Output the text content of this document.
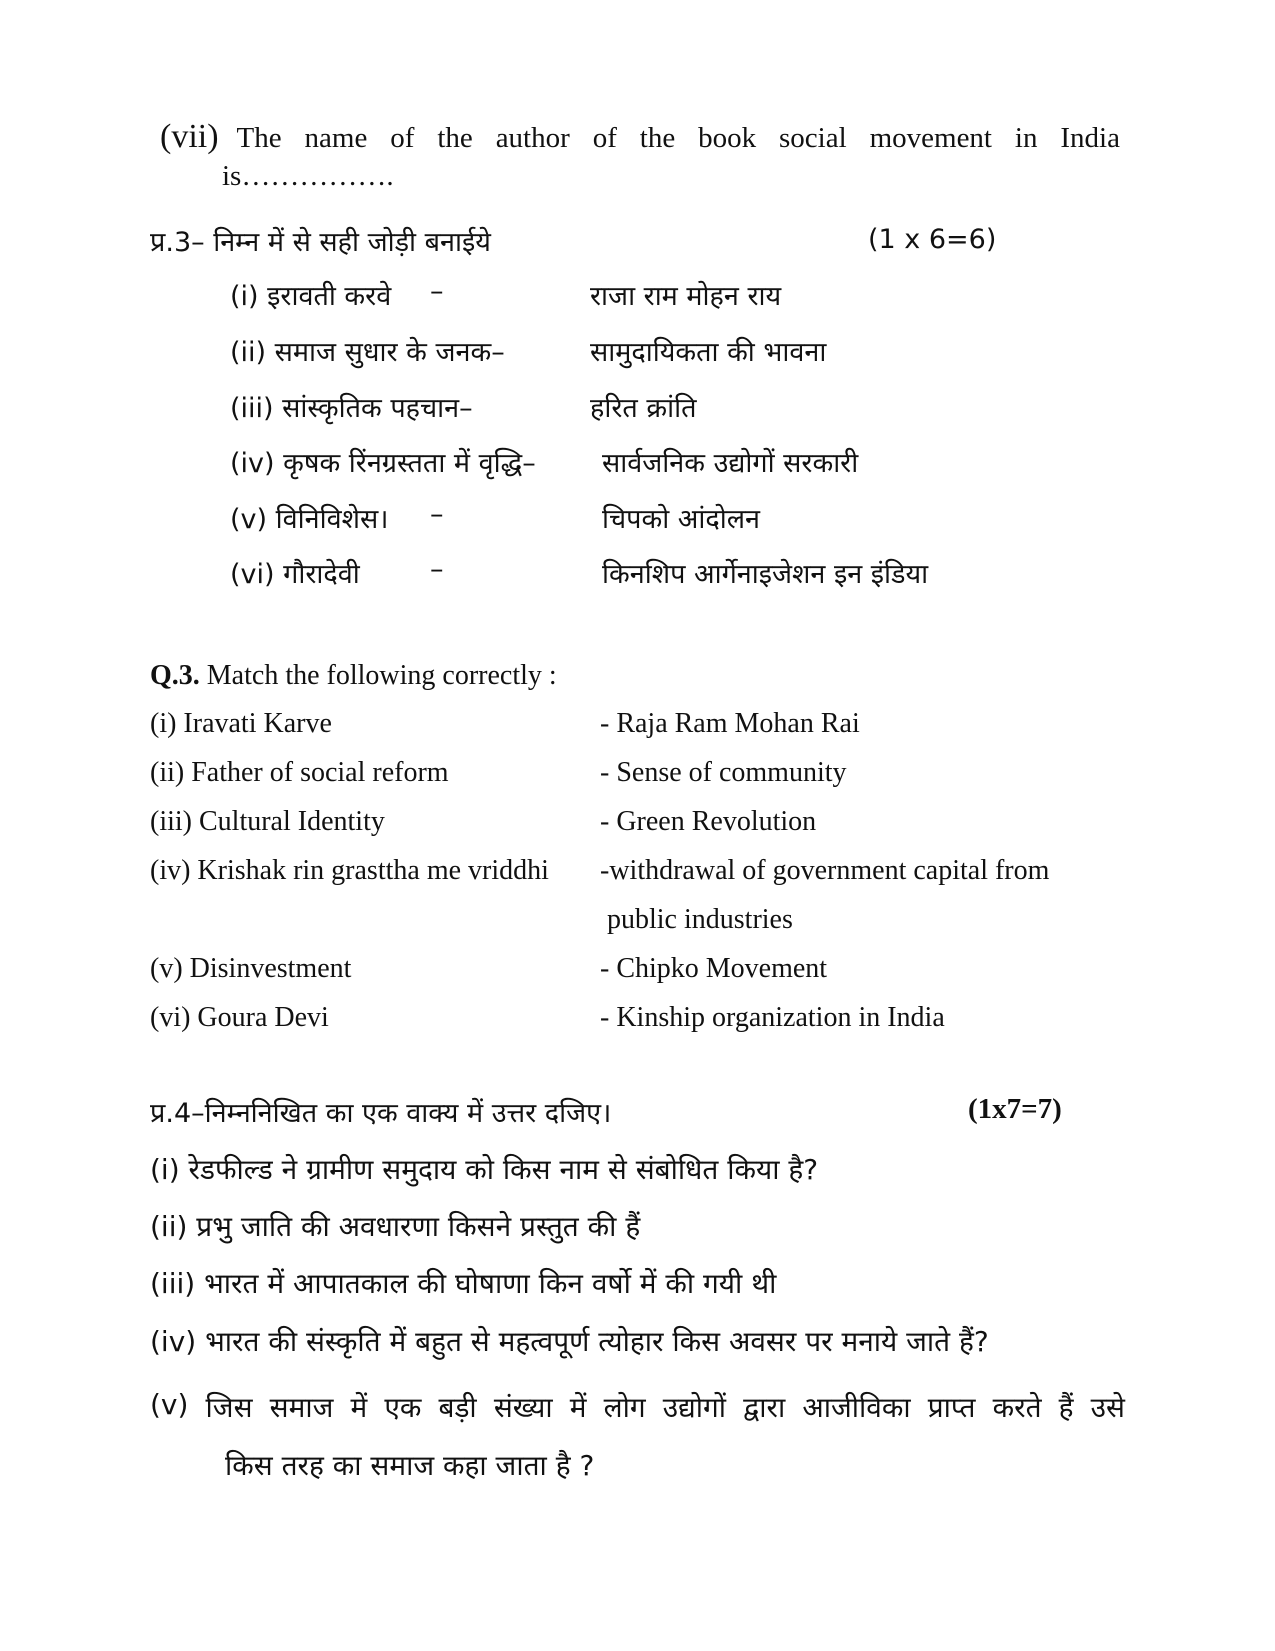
(vii) The name of the author of the book social movement in India
is…………….
प्र.3– निम्न में से सही जोड़ी बनाईये	(1 x 6=6)
(i) इरावती करवे –	राजा राम मोहन राय
(ii) समाज सुधार के जनक–	सामुदायिकता की भावना
(iii) सांस्कृतिक पहचान–	हरित क्रांति
(iv) कृषक रिंनग्रस्तता में वृद्धि– सार्वजनिक उद्योगों सरकारी
(v) विनिविशेस। –	चिपको आंदोलन
(vi) गौरादेवी	–	किनशिप आर्गेनाइजेशन इन इंडिया
Q.3. Match the following correctly :
(i) Iravati Karve	- Raja Ram Mohan Rai
(ii) Father of social reform	- Sense of community
(iii) Cultural Identity	- Green Revolution
(iv) Krishak rin grasttha me vriddhi -withdrawal of government capital from
public industries
(v) Disinvestment	- Chipko Movement
(vi) Goura Devi	- Kinship organization in India
प्र.4–निम्ननिखित का एक वाक्य में उत्तर दजिए।	(1x7=7)
(i) रेडफील्ड ने ग्रामीण समुदाय को किस नाम से संबोधित किया है?
(ii) प्रभु जाति की अवधारणा किसने प्रस्तुत की हैं
(iii) भारत में आपातकाल की घोषाणा किन वर्षो में की गयी थी
(iv) भारत की संस्कृति में बहुत से महत्वपूर्ण त्योहार किस अवसर पर मनाये जाते हैं?
(v) जिस समाज में एक बड़ी संख्या में लोग उद्योगों द्वारा आजीविका प्राप्त करते हैं उसे
किस तरह का समाज कहा जाता है ?
